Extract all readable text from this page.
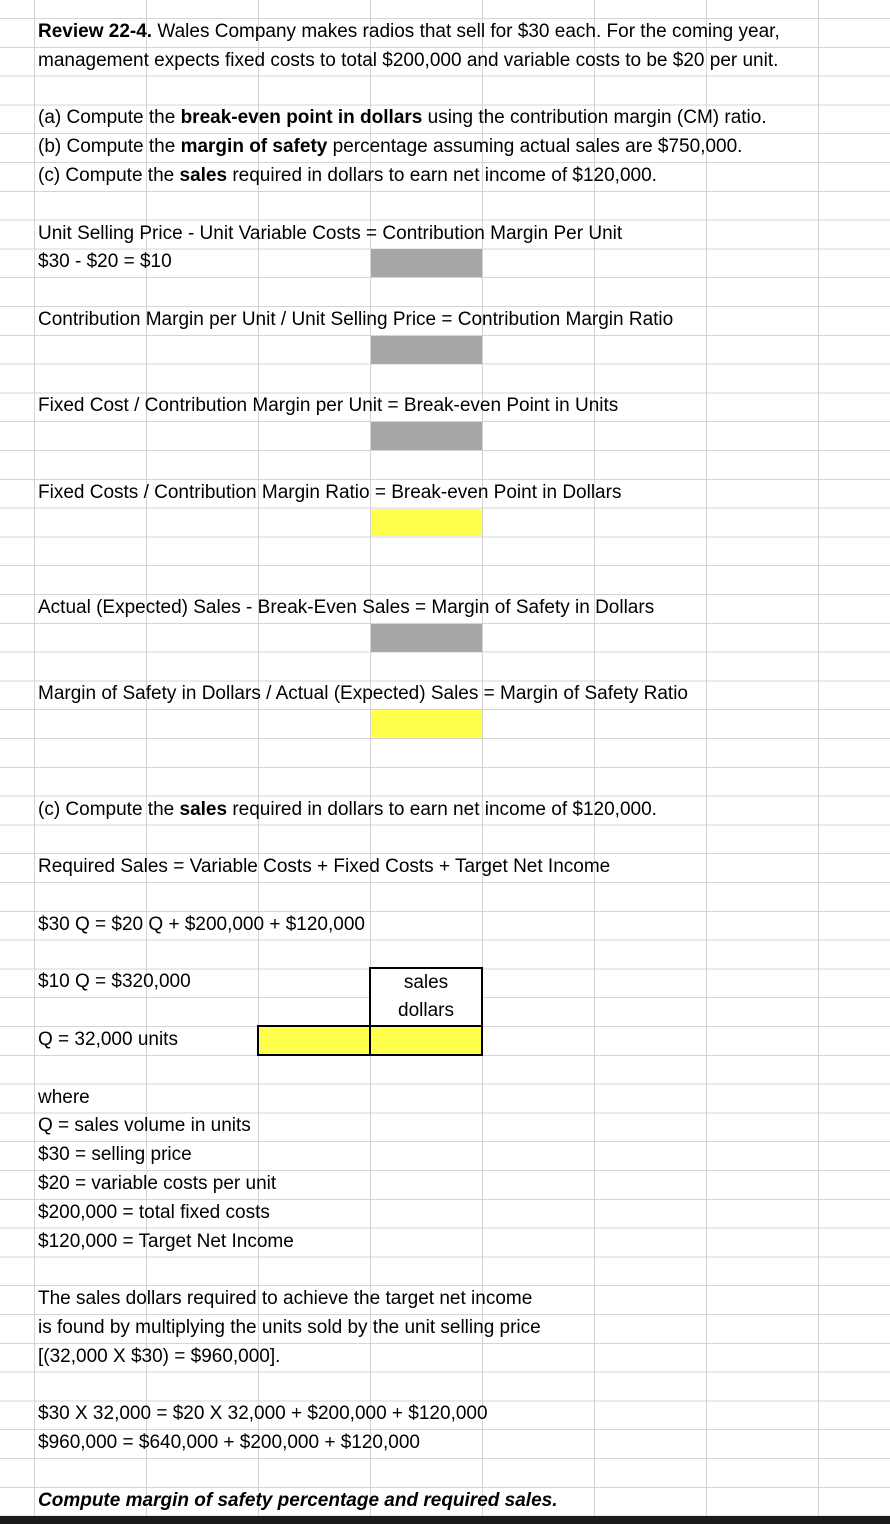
sales
dollars
Review 22-4. Wales Company makes radios that sell for $30 each. For the coming year,
management expects fixed costs to total $200,000 and variable costs to be $20 per unit.
(a) Compute the break-even point in dollars using the contribution margin (CM) ratio.
(b) Compute the margin of safety percentage assuming actual sales are $750,000.
(c) Compute the sales required in dollars to earn net income of $120,000.
Unit Selling Price - Unit Variable Costs = Contribution Margin Per Unit
$30 - $20 = $10
Contribution Margin per Unit / Unit Selling Price = Contribution Margin Ratio
Fixed Cost / Contribution Margin per Unit = Break-even Point in Units
Fixed Costs / Contribution Margin Ratio = Break-even Point in Dollars
Actual (Expected) Sales - Break-Even Sales = Margin of Safety in Dollars
Margin of Safety in Dollars / Actual (Expected) Sales = Margin of Safety Ratio
(c) Compute the sales required in dollars to earn net income of $120,000.
Required Sales = Variable Costs + Fixed Costs + Target Net Income
$30 Q = $20 Q + $200,000 + $120,000
$10 Q = $320,000
Q = 32,000 units
where
Q = sales volume in units
$30 = selling price
$20 = variable costs per unit
$200,000 = total fixed costs
$120,000 = Target Net Income
The sales dollars required to achieve the target net income
is found by multiplying the units sold by the unit selling price
[(32,000 X $30) = $960,000].
$30 X 32,000 = $20 X 32,000 + $200,000 + $120,000
$960,000 = $640,000 + $200,000 + $120,000
Compute margin of safety percentage and required sales.
